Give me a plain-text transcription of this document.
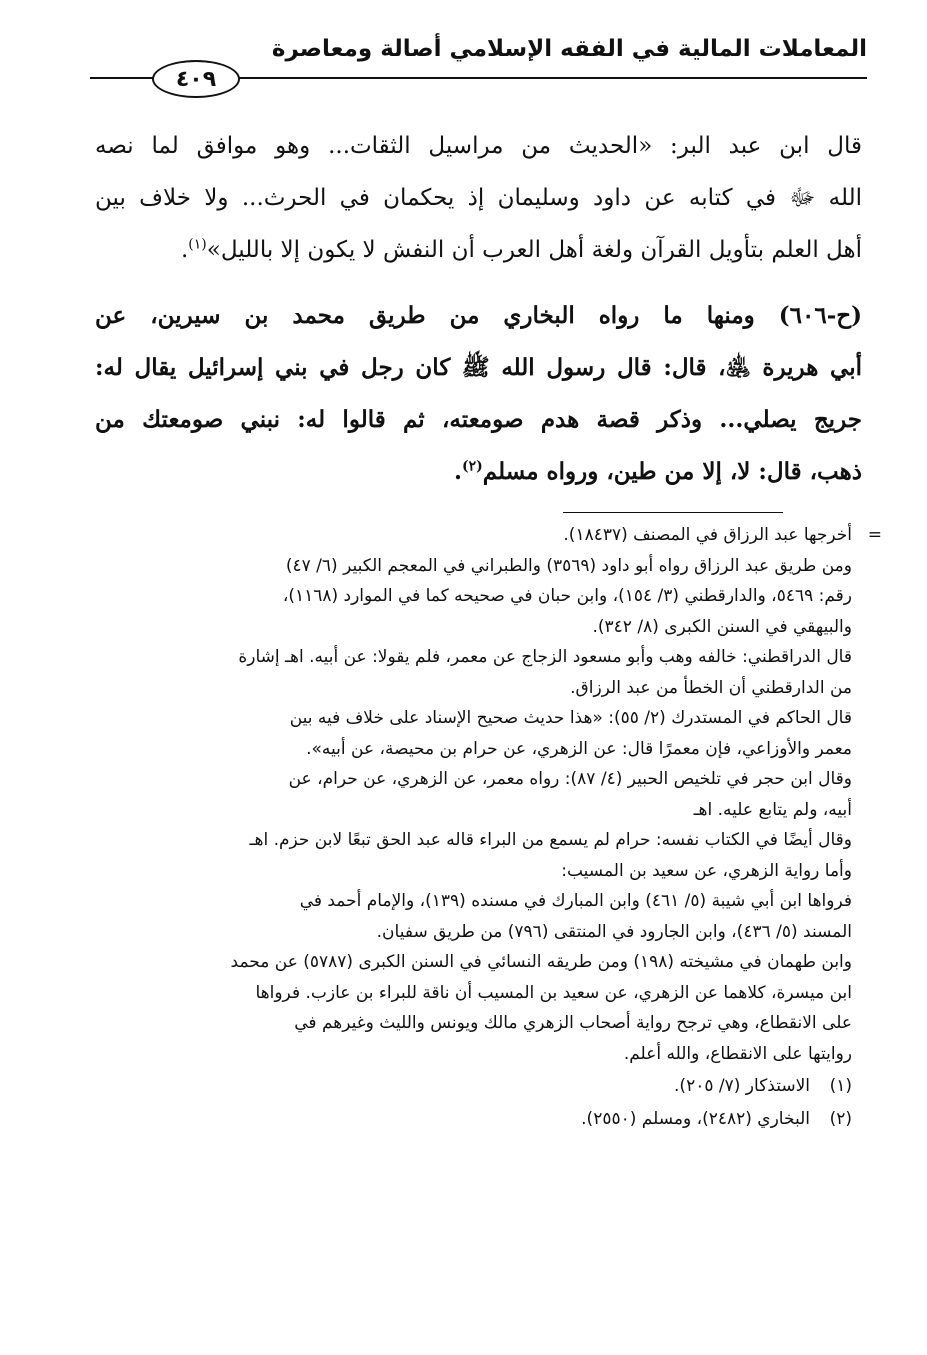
المعاملات المالية في الفقه الإسلامي أصالة ومعاصرة
٤٠٩

قال ابن عبد البر: «الحديث من مراسيل الثقات... وهو موافق لما نصه الله ﷻ في كتابه عن داود وسليمان إذ يحكمان في الحرث... ولا خلاف بين أهل العلم بتأويل القرآن ولغة أهل العرب أن النفش لا يكون إلا بالليل»$^{(١)}$.

(ح-٦٠٦) ومنها ما رواه البخاري من طريق محمد بن سيرين، عن أبي هريرة ﵁، قال: قال رسول الله ﷺ كان رجل في بني إسرائيل يقال له: جريج يصلي... وذكر قصة هدم صومعته، ثم قالوا له: نبني صومعتك من ذهب، قال: لا، إلا من طين، ورواه مسلم$^{(٢)}$.

=

أخرجها عبد الرزاق في المصنف (١٨٤٣٧).

ومن طريق عبد الرزاق رواه أبو داود (٣٥٦٩) والطبراني في المعجم الكبير (٦/ ٤٧)

رقم: ٥٤٦٩، والدارقطني (٣/ ١٥٤)، وابن حبان في صحيحه كما في الموارد (١١٦٨)،

والبيهقي في السنن الكبرى (٨/ ٣٤٢).

قال الدراقطني: خالفه وهب وأبو مسعود الزجاج عن معمر، فلم يقولا: عن أبيه. اهـ إشارة

من الدارقطني أن الخطأ من عبد الرزاق.

قال الحاكم في المستدرك (٢/ ٥٥): «هذا حديث صحيح الإسناد على خلاف فيه بين

معمر والأوزاعي، فإن معمرًا قال: عن الزهري، عن حرام بن محيصة، عن أبيه».

وقال ابن حجر في تلخيص الحبير (٤/ ٨٧): رواه معمر، عن الزهري، عن حرام، عن

أبيه، ولم يتابع عليه. اهـ

وقال أيضًا في الكتاب نفسه: حرام لم يسمع من البراء قاله عبد الحق تبعًا لابن حزم. اهـ

وأما رواية الزهري، عن سعيد بن المسيب:

فرواها ابن أبي شيبة (٥/ ٤٦١) وابن المبارك في مسنده (١٣٩)، والإمام أحمد في

المسند (٥/ ٤٣٦)، وابن الجارود في المنتقى (٧٩٦) من طريق سفيان.

وابن طهمان في مشيخته (١٩٨) ومن طريقه النسائي في السنن الكبرى (٥٧٨٧) عن محمد

ابن ميسرة، كلاهما عن الزهري، عن سعيد بن المسيب أن ناقة للبراء بن عازب. فرواها

على الانقطاع، وهي ترجح رواية أصحاب الزهري مالك ويونس والليث وغيرهم في

روايتها على الانقطاع، والله أعلم.

(١)الاستذكار (٧/ ٢٠٥).

(٢)البخاري (٢٤٨٢)، ومسلم (٢٥٥٠).
